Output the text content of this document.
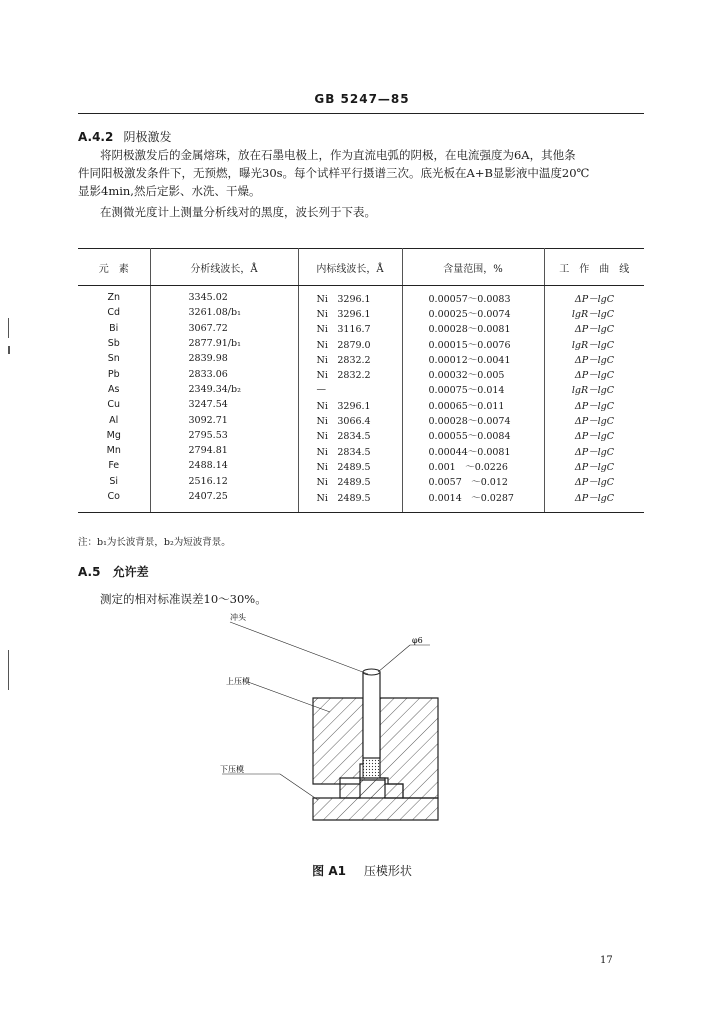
GB 5247—85
A.4.2 阴极激发
将阴极激发后的金属熔珠，放在石墨电极上，作为直流电弧的阴极，在电流强度为6A，其他条
件同阳极激发条件下，无预燃，曝光30s。每个试样平行摄谱三次。底光板在A+B显影液中温度20℃
显影4min,然后定影、水洗、干燥。
在测微光度计上测量分析线对的黑度，波长列于下表。
元　素	分析线波长，Å	内标线波长，Å	含量范围，%	工　作　曲　线
Zn	3345.02	Ni　3296.1	0.00057～0.0083	ΔP－lgC
Cd	3261.08/b₁	Ni　3296.1	0.00025～0.0074	lgR－lgC
Bi	3067.72	Ni　3116.7	0.00028～0.0081	ΔP－lgC
Sb	2877.91/b₁	Ni　2879.0	0.00015～0.0076	lgR－lgC
Sn	2839.98	Ni　2832.2	0.00012～0.0041	ΔP－lgC
Pb	2833.06	Ni　2832.2	0.00032～0.005	ΔP－lgC
As	2349.34/b₂	—	0.00075～0.014	lgR－lgC
Cu	3247.54	Ni　3296.1	0.00065～0.011	ΔP－lgC
Al	3092.71	Ni　3066.4	0.00028～0.0074	ΔP－lgC
Mg	2795.53	Ni　2834.5	0.00055～0.0084	ΔP－lgC
Mn	2794.81	Ni　2834.5	0.00044～0.0081	ΔP－lgC
Fe	2488.14	Ni　2489.5	0.001　～0.0226	ΔP－lgC
Si	2516.12	Ni　2489.5	0.0057　～0.012	ΔP－lgC
Co	2407.25	Ni　2489.5	0.0014　～0.0287	ΔP－lgC
注：b₁为长波背景，b₂为短波背景。
A.5 允许差
测定的相对标准误差10～30%。
冲头
φ6
上压模
下压模
图 A1 压模形状
17
